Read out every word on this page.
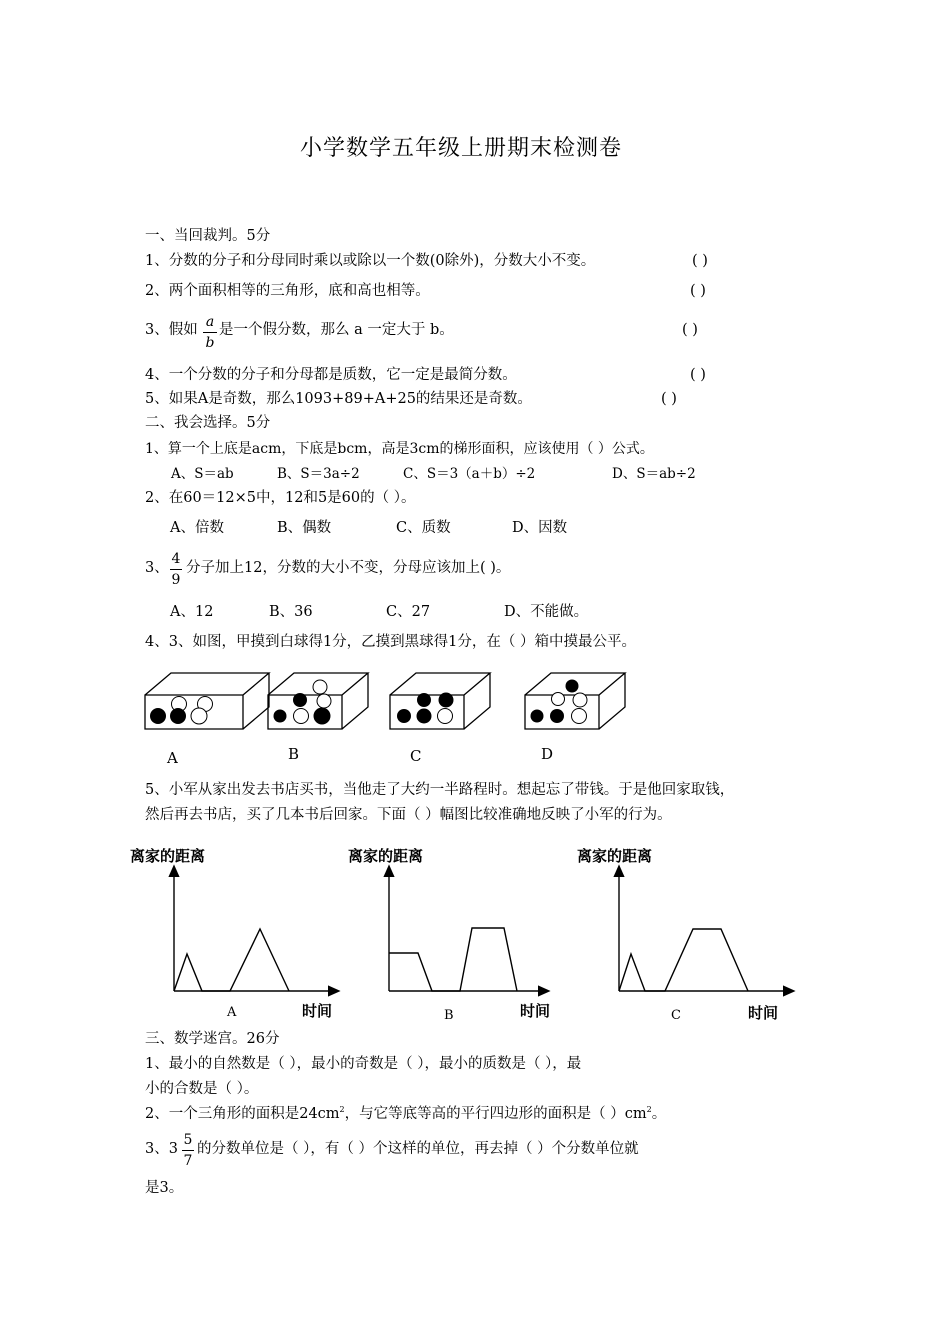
小学数学五年级上册期末检测卷
一、当回裁判。5分
1、分数的分子和分母同时乘以或除以一个数(0除外)，分数大小不变。	( )
2、两个面积相等的三角形，底和高也相等。	( )
3、假如 a
b
是一个假分数，那么 a 一定大于 b。	( )
4、一个分数的分子和分母都是质数，它一定是最简分数。	( )
5、如果A是奇数，那么1093+89+A+25的结果还是奇数。	( )
二、我会选择。5分
1、算一个上底是acm，下底是bcm，高是3cm的梯形面积，应该使用（ ）公式。
A、S＝ab	B、S＝3a÷2	C、S＝3（a＋b）÷2	D、S＝ab÷2
2、在60＝12×5中，12和5是60的（ ）。
A、倍数	B、偶数	C、质数	D、因数
3、
4
9
分子加上12，分数的大小不变，分母应该加上( )。
A、12	B、36	C、27	D、不能做。
4、3、如图，甲摸到白球得1分，乙摸到黑球得1分，在（ ）箱中摸最公平。
A	B	C	D
5、小军从家出发去书店买书，当他走了大约一半路程时。想起忘了带钱。于是他回家取钱，
然后再去书店，买了几本书后回家。下面（ ）幅图比较准确地反映了小军的行为。
离家的距离
A	时间
离家的距离
B	时间
离家的距离
C	时间
三、数学迷宫。26分
1、最小的自然数是（ ），最小的奇数是（ ），最小的质数是（ ），最
小的合数是（ ）。
2、一个三角形的面积是$24cm^2$，与它等底等高的平行四边形的面积是（ ）$cm^2$。
3、3
5
7
的分数单位是（ ），有（ ）个这样的单位，再去掉（ ）个分数单位就
是3。
